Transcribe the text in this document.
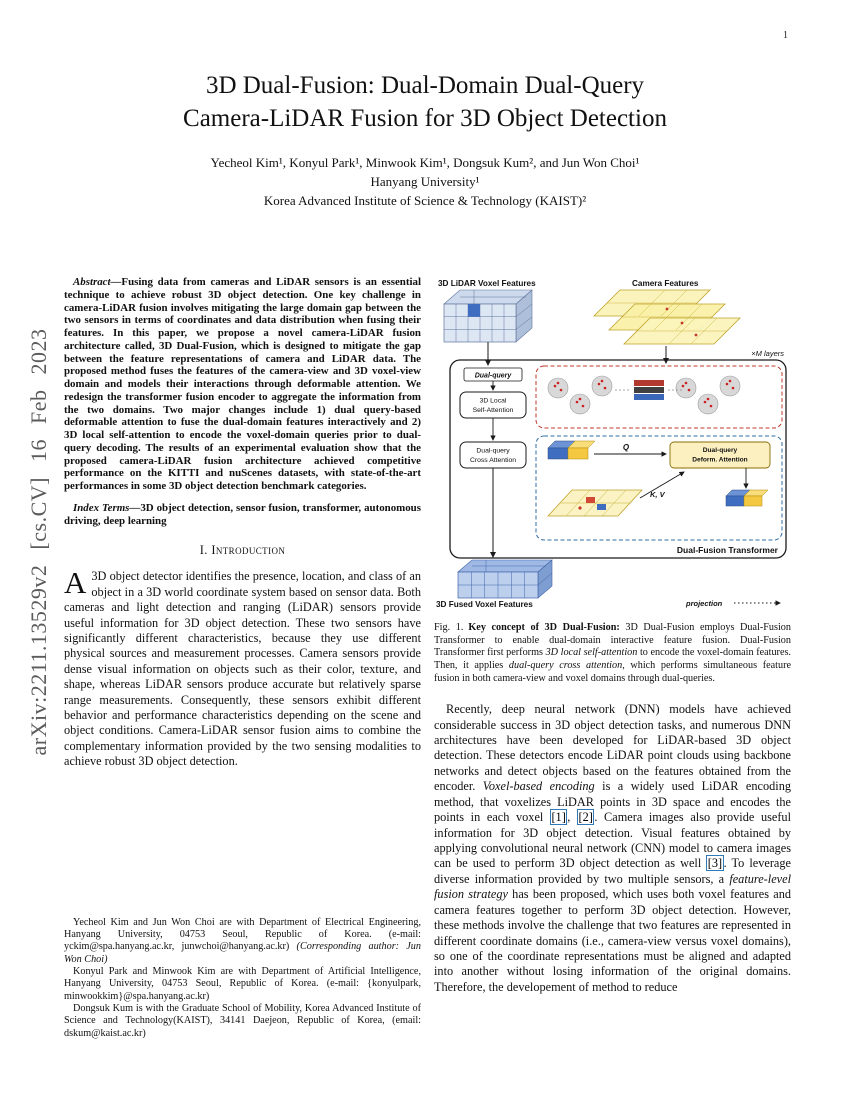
arXiv:2211.13529v2 [cs.CV] 16 Feb 2023
1
3D Dual-Fusion: Dual-Domain Dual-Query
Camera-LiDAR Fusion for 3D Object Detection
Yecheol Kim¹, Konyul Park¹, Minwook Kim¹, Dongsuk Kum², and Jun Won Choi¹
Hanyang University¹
Korea Advanced Institute of Science & Technology (KAIST)²

Abstract—Fusing data from cameras and LiDAR sensors is an essential technique to achieve robust 3D object detection. One key challenge in camera-LiDAR fusion involves mitigating the large domain gap between the two sensors in terms of coordinates and data distribution when fusing their features. In this paper, we propose a novel camera-LiDAR fusion architecture called, 3D Dual-Fusion, which is designed to mitigate the gap between the feature representations of camera and LiDAR data. The proposed method fuses the features of the camera-view and 3D voxel-view domain and models their interactions through deformable attention. We redesign the transformer fusion encoder to aggregate the information from the two domains. Two major changes include 1) dual query-based deformable attention to fuse the dual-domain features interactively and 2) 3D local self-attention to encode the voxel-domain queries prior to dual-query decoding. The results of an experimental evaluation show that the proposed camera-LiDAR fusion architecture achieved competitive performance on the KITTI and nuScenes datasets, with state-of-the-art performances in some 3D object detection benchmark categories.

Index Terms—3D object detection, sensor fusion, transformer, autonomous driving, deep learning

I. Introduction

A 3D object detector identifies the presence, location, and class of an object in a 3D world coordinate system based on sensor data. Both cameras and light detection and ranging (LiDAR) sensors provide useful information for 3D object detection. These two sensors have significantly different characteristics, because they use different physical sources and measurement processes. Camera sensors provide dense visual information on objects such as their color, texture, and shape, whereas LiDAR sensors produce accurate but relatively sparse range measurements. Consequently, these sensors exhibit different behavior and performance characteristics depending on the scene and object conditions. Camera-LiDAR sensor fusion aims to combine the complementary information provided by the two sensing modalities to achieve robust 3D object detection.

Yecheol Kim and Jun Won Choi are with Department of Electrical Engineering, Hanyang University, 04753 Seoul, Republic of Korea. (e-mail: yckim@spa.hanyang.ac.kr, junwchoi@hanyang.ac.kr) (Corresponding author: Jun Won Choi)

Konyul Park and Minwook Kim are with Department of Artificial Intelligence, Hanyang University, 04753 Seoul, Republic of Korea. (e-mail: {konyulpark, minwookkim}@spa.hanyang.ac.kr)

Dongsuk Kum is with the Graduate School of Mobility, Korea Advanced Institute of Science and Technology(KAIST), 34141 Daejeon, Republic of Korea, (email: dskum@kaist.ac.kr)

3D LiDAR Voxel Features	Camera Features
×M layers
Dual-query
3D Local
Self-Attention
Dual-query
Cross Attention
Q	Dual-query
Deform. Attention
K, V
Dual-Fusion Transformer
3D Fused Voxel Features	projection
Fig. 1. Key concept of 3D Dual-Fusion: 3D Dual-Fusion employs Dual-Fusion Transformer to enable dual-domain interactive feature fusion. Dual-Fusion Transformer first performs 3D local self-attention to encode the voxel-domain features. Then, it applies dual-query cross attention, which performs simultaneous feature fusion in both camera-view and voxel domains through dual-queries.

Recently, deep neural network (DNN) models have achieved considerable success in 3D object detection tasks, and numerous DNN architectures have been developed for LiDAR-based 3D object detection. These detectors encode LiDAR point clouds using backbone networks and detect objects based on the features obtained from the encoder. Voxel-based encoding is a widely used LiDAR encoding method, that voxelizes LiDAR points in 3D space and encodes the points in each voxel [1] , [2] . Camera images also provide useful information for 3D object detection. Visual features obtained by applying convolutional neural network (CNN) model to camera images can be used to perform 3D object detection as well [3] . To leverage diverse information provided by two multiple sensors, a feature-level fusion strategy has been proposed, which uses both voxel features and camera features together to perform 3D object detection. However, these methods involve the challenge that two features are represented in different coordinate domains (i.e., camera-view versus voxel domains), so one of the coordinate representations must be aligned and adapted into another without losing information of the original domains. Therefore, the developement of method to reduce
